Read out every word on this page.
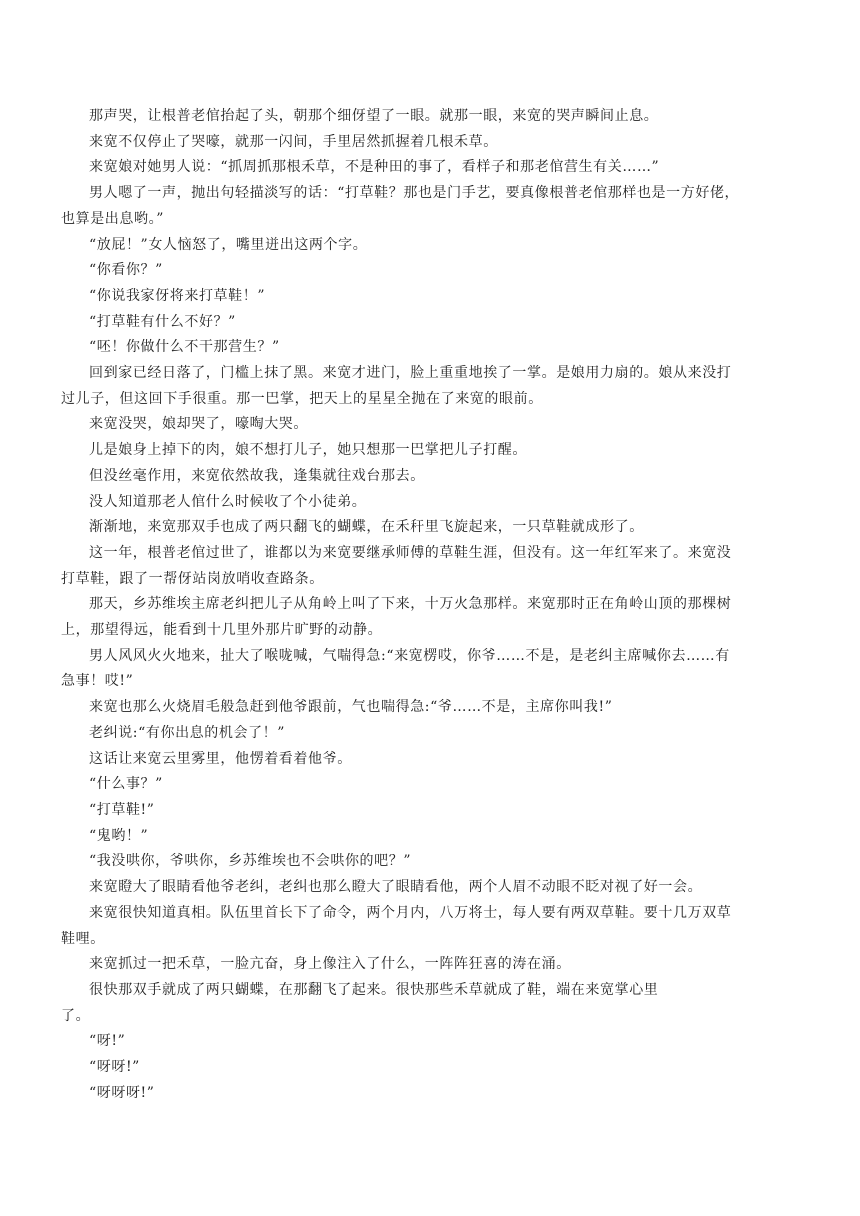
那声哭，让根普老倌抬起了头，朝那个细伢望了一眼。就那一眼，来宽的哭声瞬间止息。

来宽不仅停止了哭嚎，就那一闪间，手里居然抓握着几根禾草。

来宽娘对她男人说：“抓周抓那根禾草，不是种田的事了，看样子和那老倌营生有关……”

男人嗯了一声，抛出句轻描淡写的话：“打草鞋？那也是门手艺，要真像根普老倌那样也是一方好佬，也算是出息哟。”

“放屁！”女人恼怒了，嘴里迸出这两个字。

“你看你？”

“你说我家伢将来打草鞋！”

“打草鞋有什么不好？”

“呸！你做什么不干那营生？”

回到家已经日落了，门槛上抹了黑。来宽才进门，脸上重重地挨了一掌。是娘用力扇的。娘从来没打过儿子，但这回下手很重。那一巴掌，把天上的星星全抛在了来宽的眼前。

来宽没哭，娘却哭了，嚎啕大哭。

儿是娘身上掉下的肉，娘不想打儿子，她只想那一巴掌把儿子打醒。

但没丝毫作用，来宽依然故我，逢集就往戏台那去。

没人知道那老人倌什么时候收了个小徒弟。

渐渐地，来宽那双手也成了两只翻飞的蝴蝶，在禾秆里飞旋起来，一只草鞋就成形了。

这一年，根普老倌过世了，谁都以为来宽要继承师傅的草鞋生涯，但没有。这一年红军来了。来宽没打草鞋，跟了一帮伢站岗放哨收查路条。

那天，乡苏维埃主席老纠把儿子从角岭上叫了下来，十万火急那样。来宽那时正在角岭山顶的那棵树上，那望得远，能看到十几里外那片旷野的动静。

男人风风火火地来，扯大了喉咙喊，气喘得急:“来宽楞哎，你爷……不是，是老纠主席喊你去……有急事！哎!”

来宽也那么火烧眉毛般急赶到他爷跟前，气也喘得急:“爷……不是，主席你叫我!”

老纠说:“有你出息的机会了！”

这话让来宽云里雾里，他愣着看着他爷。

“什么事？”

“打草鞋!”

“鬼哟！”

“我没哄你，爷哄你，乡苏维埃也不会哄你的吧？”

来宽瞪大了眼睛看他爷老纠，老纠也那么瞪大了眼睛看他，两个人眉不动眼不眨对视了好一会。

来宽很快知道真相。队伍里首长下了命令，两个月内，八万将士，每人要有两双草鞋。要十几万双草鞋哩。

来宽抓过一把禾草，一脸亢奋，身上像注入了什么，一阵阵狂喜的涛在涌。

很快那双手就成了两只蝴蝶，在那翻飞了起来。很快那些禾草就成了鞋，端在来宽掌心里了。

“呀!”

“呀呀!”

“呀呀呀!”
